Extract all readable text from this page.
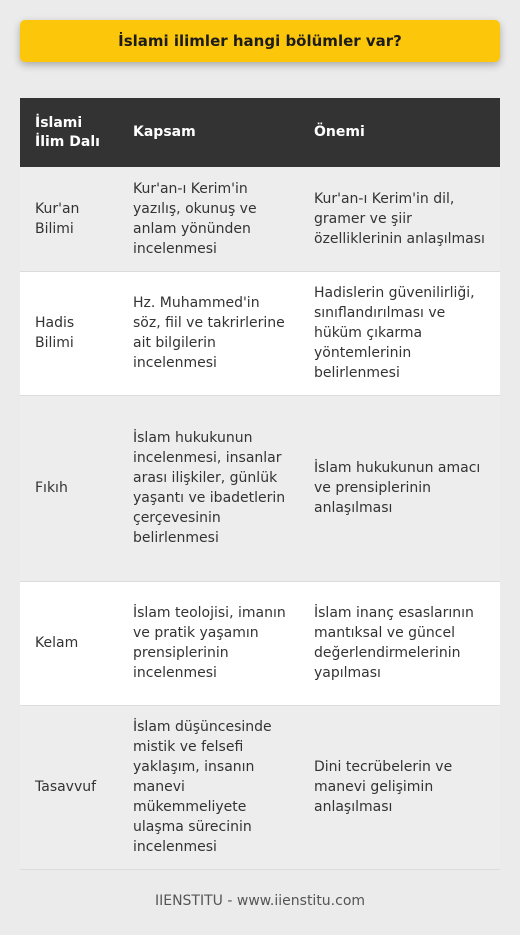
İslami ilimler hangi bölümler var?
İslami İlim Dalı	Kapsam	Önemi
Kur'an Bilimi	Kur'an-ı Kerim'in yazılış, okunuş ve anlam yönünden incelenmesi	Kur'an-ı Kerim'in dil, gramer ve şiir özelliklerinin anlaşılması
Hadis Bilimi	Hz. Muhammed'in söz, fiil ve takrirlerine ait bilgilerin incelenmesi	Hadislerin güvenilirliği, sınıflandırılması ve hüküm çıkarma yöntemlerinin belirlenmesi
Fıkıh	İslam hukukunun incelenmesi, insanlar arası ilişkiler, günlük yaşantı ve ibadetlerin çerçevesinin belirlenmesi	İslam hukukunun amacı ve prensiplerinin anlaşılması
Kelam	İslam teolojisi, imanın ve pratik yaşamın prensiplerinin incelenmesi	İslam inanç esaslarının mantıksal ve güncel değerlendirmelerinin yapılması
Tasavvuf	İslam düşüncesinde mistik ve felsefi yaklaşım, insanın manevi mükemmeliyete ulaşma sürecinin incelenmesi	Dini tecrübelerin ve manevi gelişimin anlaşılması
IIENSTITU - www.iienstitu.com
